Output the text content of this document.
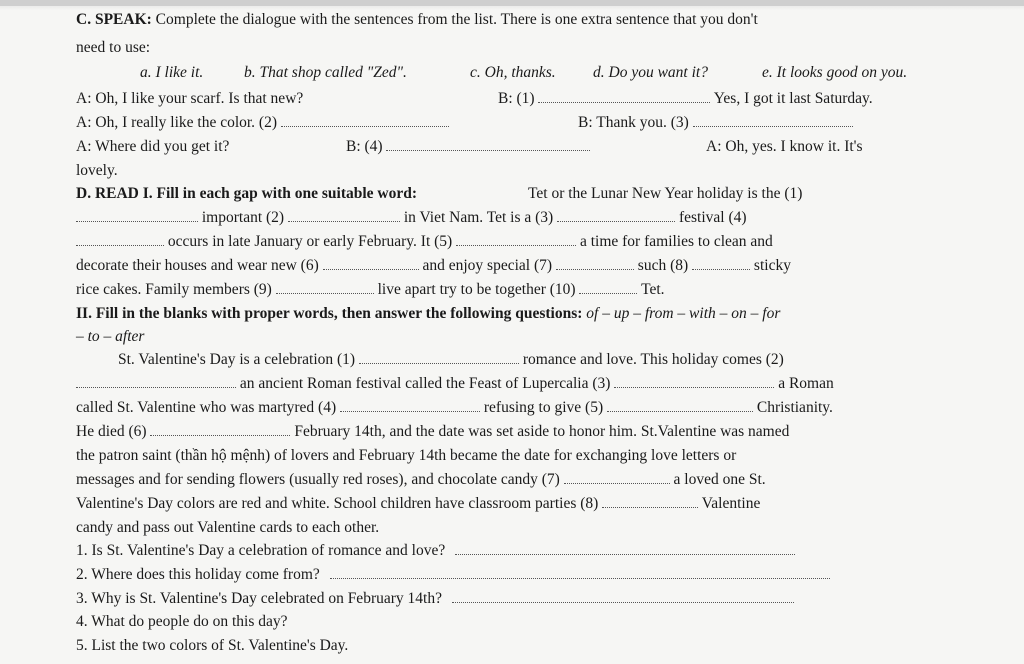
C. SPEAK: Complete the dialogue with the sentences from the list. There is one extra sentence that you don't
need to use:
a. I like it.	b. That shop called "Zed".	c. Oh, thanks. d. Do you want it?	e. It looks good on you.
A: Oh, I like your scarf. Is that new?	B: (1)	Yes, I got it last Saturday.
A: Oh, I really like the color. (2)	B: Thank you. (3)
A: Where did you get it?	B: (4)	A: Oh, yes. I know it. It's
lovely.
D. READ I. Fill in each gap with one suitable word:	Tet or the Lunar New Year holiday is the (1)
important (2)	in Viet Nam. Tet is a (3)	festival (4)
occurs in late January or early February. It (5)	a time for families to clean and
decorate their houses and wear new (6)	and enjoy special (7)	such (8)	sticky
rice cakes. Family members (9)	live apart try to be together (10)	Tet.
II. Fill in the blanks with proper words, then answer the following questions: of – up – from – with – on – for
– to – after
St. Valentine's Day is a celebration (1)	romance and love. This holiday comes (2)
an ancient Roman festival called the Feast of Lupercalia (3)	a Roman
called St. Valentine who was martyred (4)	refusing to give (5)	Christianity.
He died (6)	February 14th, and the date was set aside to honor him. St.Valentine was named
the patron saint (thần hộ mệnh) of lovers and February 14th became the date for exchanging love letters or
messages and for sending flowers (usually red roses), and chocolate candy (7)	a loved one St.
Valentine's Day colors are red and white. School children have classroom parties (8)	Valentine
candy and pass out Valentine cards to each other.
1. Is St. Valentine's Day a celebration of romance and love?
2. Where does this holiday come from?
3. Why is St. Valentine's Day celebrated on February 14th?
4. What do people do on this day?
5. List the two colors of St. Valentine's Day.
